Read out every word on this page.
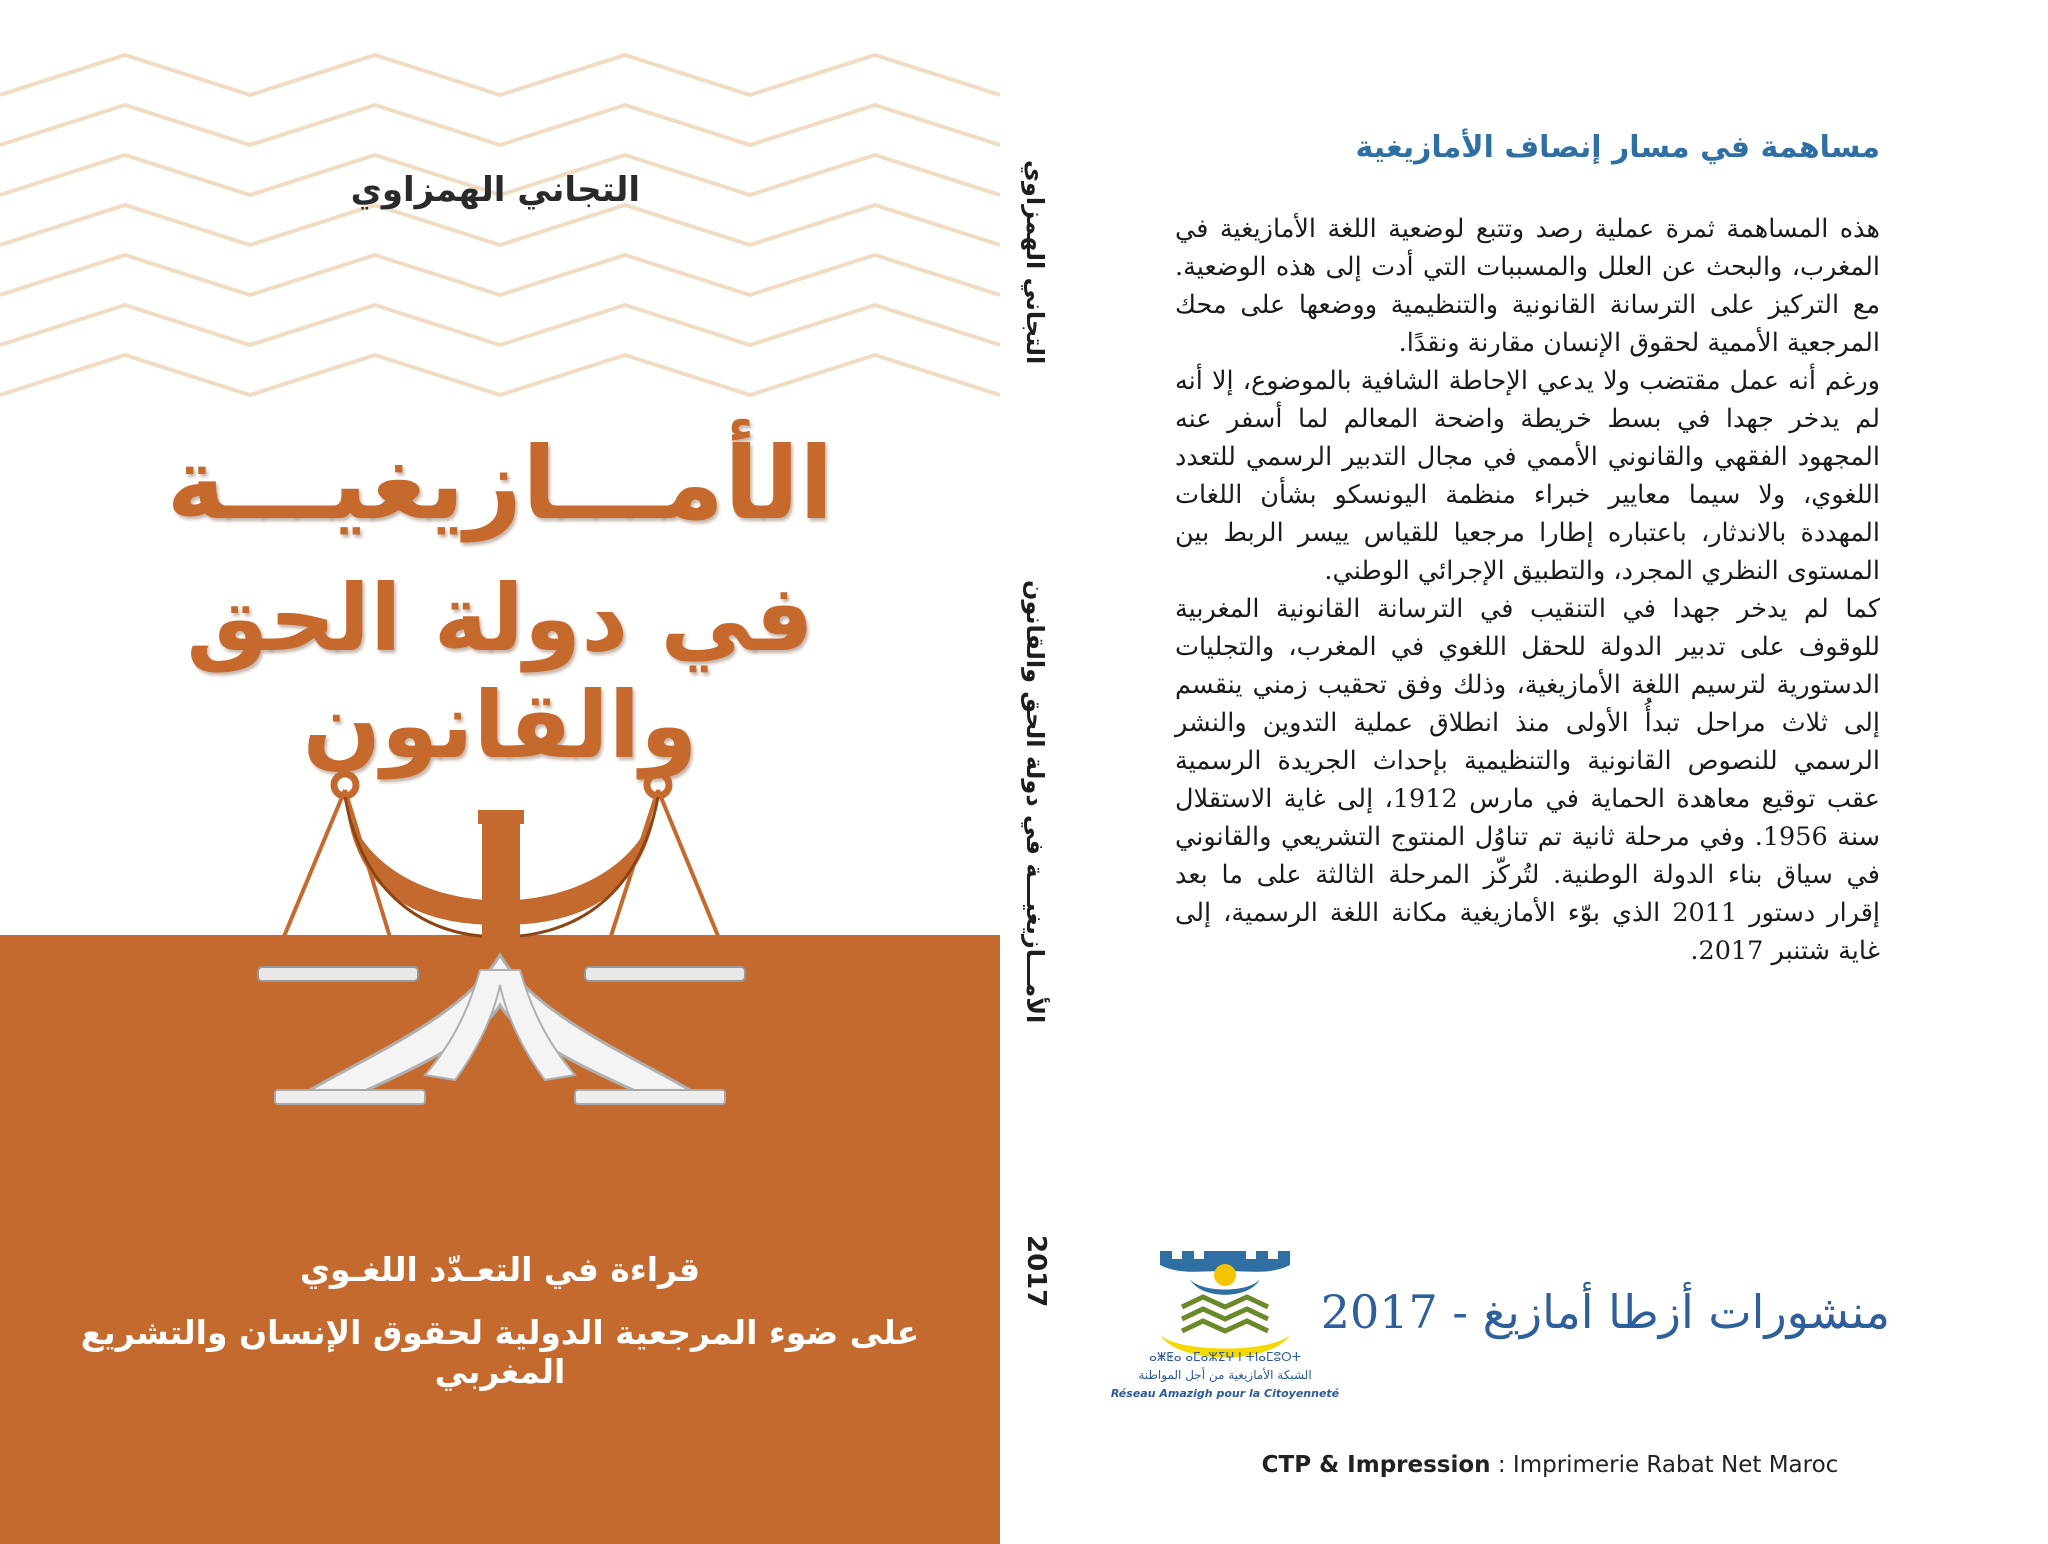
التجاني الهمزاوي
الأمـــازيغيـــة
في دولة الحق والقانون
قراءة في التعـدّد اللغـوي
على ضوء المرجعية الدولية لحقوق الإنسان والتشريع المغربي
التجاني الهمزاوي
الأمـــازيغيـــة في دولة الحق والقانون
2017
مساهمة في مسار إنصاف الأمازيغية

هذه المساهمة ثمرة عملية رصد وتتبع لوضعية اللغة الأمازيغية في المغرب، والبحث عن العلل والمسببات التي أدت إلى هذه الوضعية. مع التركيز على الترسانة القانونية والتنظيمية ووضعها على محك المرجعية الأممية لحقوق الإنسان مقارنة ونقدًا.

ورغم أنه عمل مقتضب ولا يدعي الإحاطة الشافية بالموضوع، إلا أنه لم يدخر جهدا في بسط خريطة واضحة المعالم لما أسفر عنه المجهود الفقهي والقانوني الأممي في مجال التدبير الرسمي للتعدد اللغوي، ولا سيما معايير خبراء منظمة اليونسكو بشأن اللغات المهددة بالاندثار، باعتباره إطارا مرجعيا للقياس ييسر الربط بين المستوى النظري المجرد، والتطبيق الإجرائي الوطني.

كما لم يدخر جهدا في التنقيب في الترسانة القانونية المغربية للوقوف على تدبير الدولة للحقل اللغوي في المغرب، والتجليات الدستورية لترسيم اللغة الأمازيغية، وذلك وفق تحقيب زمني ينقسم إلى ثلاث مراحل تبدأُ الأولى منذ انطلاق عملية التدوين والنشر الرسمي للنصوص القانونية والتنظيمية بإحداث الجريدة الرسمية عقب توقيع معاهدة الحماية في مارس 1912، إلى غاية الاستقلال سنة 1956. وفي مرحلة ثانية تم تناوُل المنتوج التشريعي والقانوني في سياق بناء الدولة الوطنية. لتُركّز المرحلة الثالثة على ما بعد إقرار دستور 2011 الذي بوّء الأمازيغية مكانة اللغة الرسمية، إلى غاية شتنبر 2017.

ⴰⵥⵟⴰ ⴰⵎⴰⵣⵉⵖ ⵏ ⵜⵏⴰⵎⵓⵔⵜ
الشبكة الأمازيغية من أجل المواطنة
Réseau Amazigh pour la Citoyenneté
منشورات أزطا أمازيغ - 2017
CTP & Impression : Imprimerie Rabat Net Maroc
